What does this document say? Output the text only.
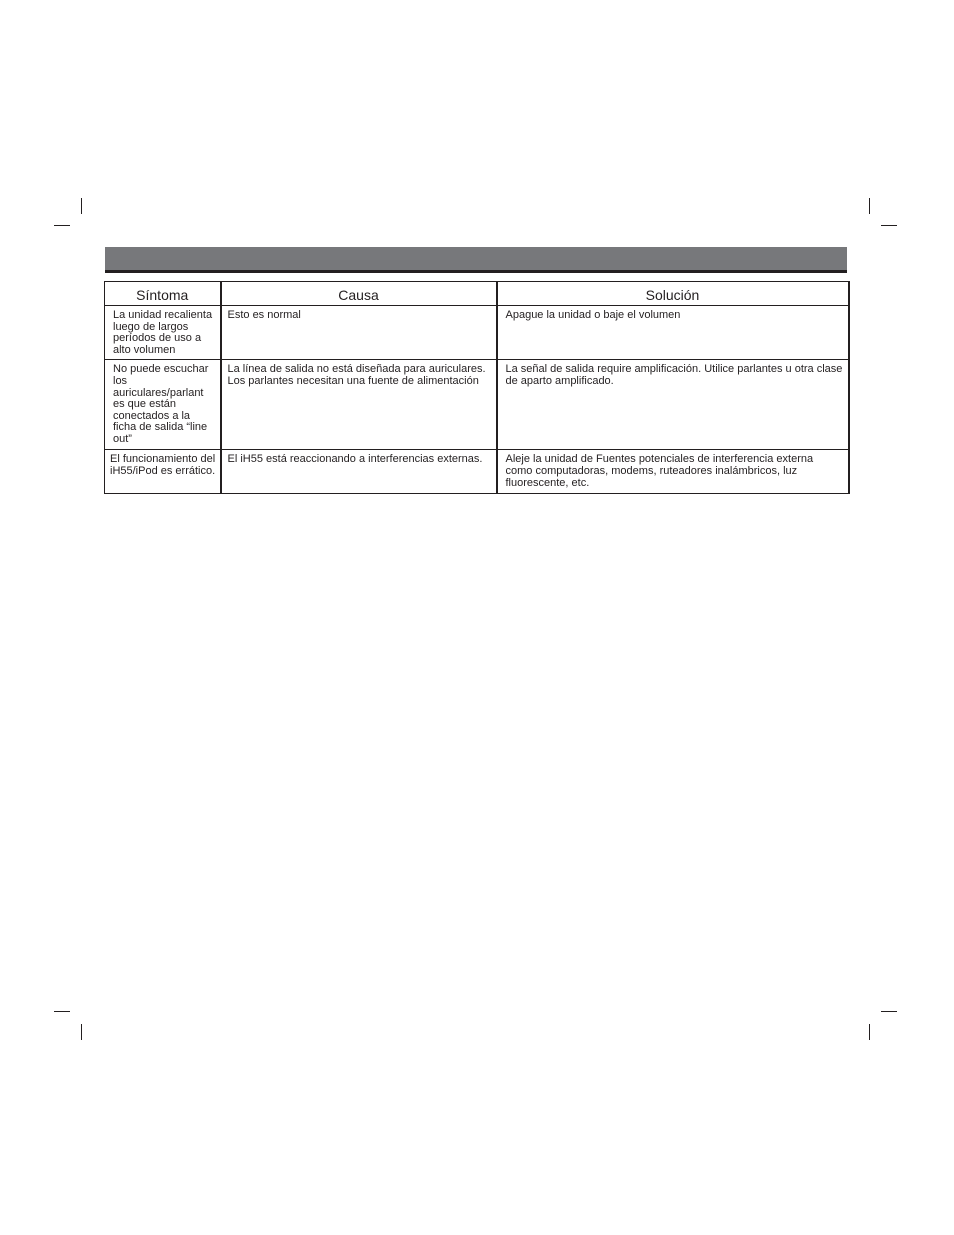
Síntoma	Causa	Solución
La unidad recalienta luego de largos períodos de uso a alto volumen	Esto es normal	Apague la unidad o baje el volumen
No puede escuchar los auriculares/parlant es que están conectados a la ficha de salida “line out”	La línea de salida no está diseñada para auriculares. Los parlantes necesitan una fuente de alimentación	La señal de salida require amplificación. Utilice parlantes u otra clase de aparto amplificado.
El funcionamiento del iH55/iPod es errático.	El iH55 está reaccionando a interferencias externas.	Aleje la unidad de Fuentes potenciales de interferencia externa como computadoras, modems, ruteadores inalámbricos, luz fluorescente, etc.
